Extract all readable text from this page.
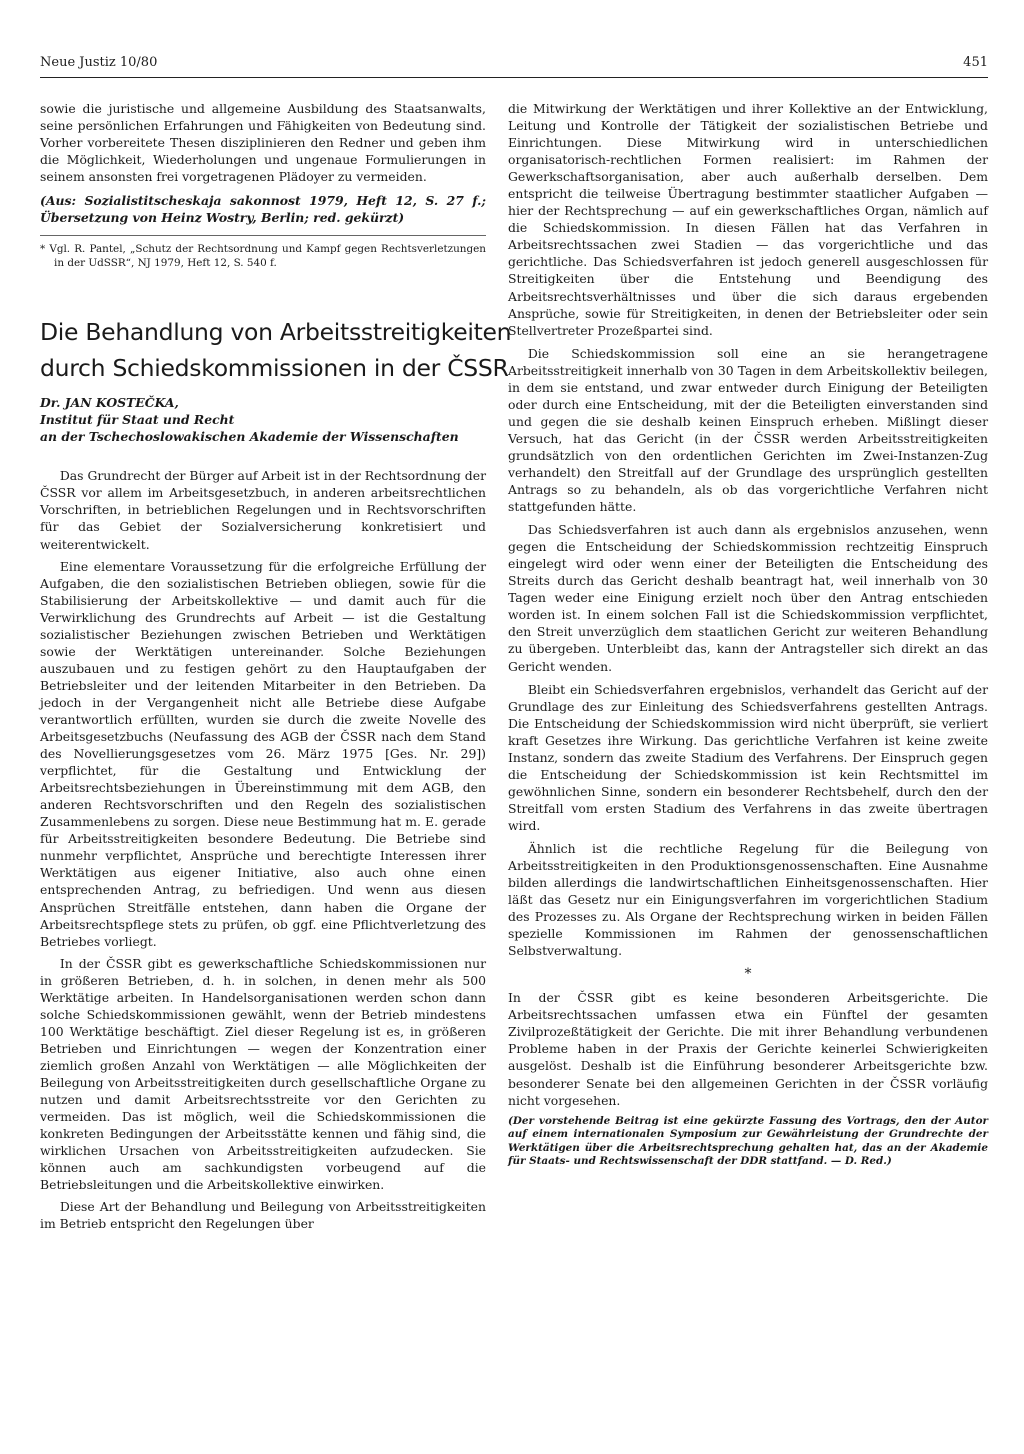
Neue Justiz 10/80	451

sowie die juristische und allgemeine Ausbildung des Staatsanwalts, seine persönlichen Erfahrungen und Fähigkeiten von Bedeutung sind. Vorher vorbereitete Thesen disziplinieren den Redner und geben ihm die Möglichkeit, Wiederholungen und ungenaue Formulierungen in seinem ansonsten frei vorgetragenen Plädoyer zu vermeiden.

(Aus: Sozialistitscheskaja sakonnost 1979, Heft 12, S. 27 f.; Übersetzung von Heinz Wostry, Berlin; red. gekürzt)
* Vgl. R. Pantel, „Schutz der Rechtsordnung und Kampf gegen Rechtsverletzungen in der UdSSR“, NJ 1979, Heft 12, S. 540 f.
Die Behandlung von Arbeitsstreitigkeiten
durch Schiedskommissionen in der ČSSR
Dr. JAN KOSTEČKA,
Institut für Staat und Recht
an der Tschechoslowakischen Akademie der Wissenschaften

Das Grundrecht der Bürger auf Arbeit ist in der Rechtsordnung der ČSSR vor allem im Arbeitsgesetzbuch, in anderen arbeitsrechtlichen Vorschriften, in betrieblichen Regelungen und in Rechtsvorschriften für das Gebiet der Sozialversicherung konkretisiert und weiterentwickelt.

Eine elementare Voraussetzung für die erfolgreiche Erfüllung der Aufgaben, die den sozialistischen Betrieben obliegen, sowie für die Stabilisierung der Arbeitskollektive — und damit auch für die Verwirklichung des Grundrechts auf Arbeit — ist die Gestaltung sozialistischer Beziehungen zwischen Betrieben und Werktätigen sowie der Werktätigen untereinander. Solche Beziehungen auszubauen und zu festigen gehört zu den Hauptaufgaben der Betriebsleiter und der leitenden Mitarbeiter in den Betrieben. Da jedoch in der Vergangenheit nicht alle Betriebe diese Aufgabe verantwortlich erfüllten, wurden sie durch die zweite Novelle des Arbeitsgesetzbuchs (Neufassung des AGB der ČSSR nach dem Stand des Novellierungsgesetzes vom 26. März 1975 [Ges. Nr. 29]) verpflichtet, für die Gestaltung und Entwicklung der Arbeitsrechtsbeziehungen in Übereinstimmung mit dem AGB, den anderen Rechtsvorschriften und den Regeln des sozialistischen Zusammenlebens zu sorgen. Diese neue Bestimmung hat m. E. gerade für Arbeitsstreitigkeiten besondere Bedeutung. Die Betriebe sind nunmehr verpflichtet, Ansprüche und berechtigte Interessen ihrer Werktätigen aus eigener Initiative, also auch ohne einen entsprechenden Antrag, zu befriedigen. Und wenn aus diesen Ansprüchen Streitfälle entstehen, dann haben die Organe der Arbeitsrechtspflege stets zu prüfen, ob ggf. eine Pflichtverletzung des Betriebes vorliegt.

In der ČSSR gibt es gewerkschaftliche Schiedskommissionen nur in größeren Betrieben, d. h. in solchen, in denen mehr als 500 Werktätige arbeiten. In Handelsorganisationen werden schon dann solche Schiedskommissionen gewählt, wenn der Betrieb mindestens 100 Werktätige beschäftigt. Ziel dieser Regelung ist es, in größeren Betrieben und Einrichtungen — wegen der Konzentration einer ziemlich großen Anzahl von Werktätigen — alle Möglichkeiten der Beilegung von Arbeitsstreitigkeiten durch gesellschaftliche Organe zu nutzen und damit Arbeitsrechtsstreite vor den Gerichten zu vermeiden. Das ist möglich, weil die Schiedskommissionen die konkreten Bedingungen der Arbeitsstätte kennen und fähig sind, die wirklichen Ursachen von Arbeitsstreitigkeiten aufzudecken. Sie können auch am sachkundigsten vorbeugend auf die Betriebsleitungen und die Arbeitskollektive einwirken.

Diese Art der Behandlung und Beilegung von Arbeitsstreitigkeiten im Betrieb entspricht den Regelungen über

die Mitwirkung der Werktätigen und ihrer Kollektive an der Entwicklung, Leitung und Kontrolle der Tätigkeit der sozialistischen Betriebe und Einrichtungen. Diese Mitwirkung wird in unterschiedlichen organisatorisch-rechtlichen Formen realisiert: im Rahmen der Gewerkschaftsorganisation, aber auch außerhalb derselben. Dem entspricht die teilweise Übertragung bestimmter staatlicher Aufgaben — hier der Rechtsprechung — auf ein gewerkschaftliches Organ, nämlich auf die Schiedskommission. In diesen Fällen hat das Verfahren in Arbeitsrechtssachen zwei Stadien — das vorgerichtliche und das gerichtliche. Das Schiedsverfahren ist jedoch generell ausgeschlossen für Streitigkeiten über die Entstehung und Beendigung des Arbeitsrechtsverhältnisses und über die sich daraus ergebenden Ansprüche, sowie für Streitigkeiten, in denen der Betriebsleiter oder sein Stellvertreter Prozeßpartei sind.

Die Schiedskommission soll eine an sie herangetragene Arbeitsstreitigkeit innerhalb von 30 Tagen in dem Arbeitskollektiv beilegen, in dem sie entstand, und zwar entweder durch Einigung der Beteiligten oder durch eine Entscheidung, mit der die Beteiligten einverstanden sind und gegen die sie deshalb keinen Einspruch erheben. Mißlingt dieser Versuch, hat das Gericht (in der ČSSR werden Arbeitsstreitigkeiten grundsätzlich von den ordentlichen Gerichten im Zwei-Instanzen-Zug verhandelt) den Streitfall auf der Grundlage des ursprünglich gestellten Antrags so zu behandeln, als ob das vorgerichtliche Verfahren nicht stattgefunden hätte.

Das Schiedsverfahren ist auch dann als ergebnislos anzusehen, wenn gegen die Entscheidung der Schiedskommission rechtzeitig Einspruch eingelegt wird oder wenn einer der Beteiligten die Entscheidung des Streits durch das Gericht deshalb beantragt hat, weil innerhalb von 30 Tagen weder eine Einigung erzielt noch über den Antrag entschieden worden ist. In einem solchen Fall ist die Schiedskommission verpflichtet, den Streit unverzüglich dem staatlichen Gericht zur weiteren Behandlung zu übergeben. Unterbleibt das, kann der Antragsteller sich direkt an das Gericht wenden.

Bleibt ein Schiedsverfahren ergebnislos, verhandelt das Gericht auf der Grundlage des zur Einleitung des Schiedsverfahrens gestellten Antrags. Die Entscheidung der Schiedskommission wird nicht überprüft, sie verliert kraft Gesetzes ihre Wirkung. Das gerichtliche Verfahren ist keine zweite Instanz, sondern das zweite Stadium des Verfahrens. Der Einspruch gegen die Entscheidung der Schiedskommission ist kein Rechtsmittel im gewöhnlichen Sinne, sondern ein besonderer Rechtsbehelf, durch den der Streitfall vom ersten Stadium des Verfahrens in das zweite übertragen wird.

Ähnlich ist die rechtliche Regelung für die Beilegung von Arbeitsstreitigkeiten in den Produktionsgenossenschaften. Eine Ausnahme bilden allerdings die landwirtschaftlichen Einheitsgenossenschaften. Hier läßt das Gesetz nur ein Einigungsverfahren im vorgerichtlichen Stadium des Prozesses zu. Als Organe der Rechtsprechung wirken in beiden Fällen spezielle Kommissionen im Rahmen der genossenschaftlichen Selbstverwaltung.

*

In der ČSSR gibt es keine besonderen Arbeitsgerichte. Die Arbeitsrechtssachen umfassen etwa ein Fünftel der gesamten Zivilprozeßtätigkeit der Gerichte. Die mit ihrer Behandlung verbundenen Probleme haben in der Praxis der Gerichte keinerlei Schwierigkeiten ausgelöst. Deshalb ist die Einführung besonderer Arbeitsgerichte bzw. besonderer Senate bei den allgemeinen Gerichten in der ČSSR vorläufig nicht vorgesehen.

(Der vorstehende Beitrag ist eine gekürzte Fassung des Vortrags, den der Autor auf einem internationalen Symposium zur Gewährleistung der Grundrechte der Werktätigen über die Arbeitsrechtsprechung gehalten hat, das an der Akademie für Staats- und Rechtswissenschaft der DDR stattfand. — D. Red.)
